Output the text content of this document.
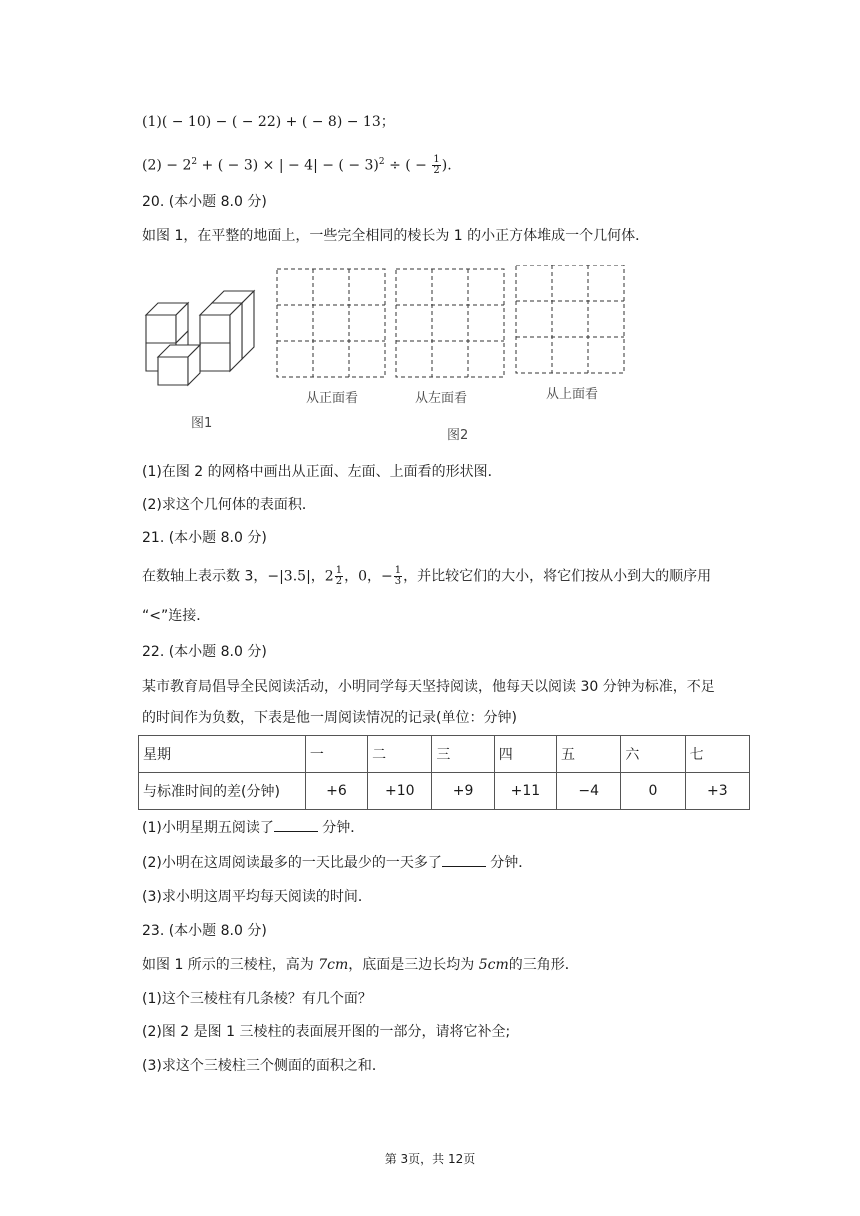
(1)( − 10) − ( − 22) + ( − 8) − 13；
$(2) - 2^2$ + ( − 3) × | − 4| − ( − 3)$^2$ ÷ ( − $\frac{1}{2}$ ).
20. (本小题 8.0 分)
如图 1，在平整的地面上，一些完全相同的棱长为 1 的小正方体堆成一个几何体．
图1
从正面看	从左面看	从上面看
图2
(1)在图 2 的网格中画出从正面、左面、上面看的形状图．
(2)求这个几何体的表面积．
21. (本小题 8.0 分)
在数轴上表示数 3，−|3.5|，$2 \frac{1}{2}$ ，0，− $\frac{1}{3}$ ，并比较它们的大小，将它们按从小到大的顺序用
“<”连接．
22. (本小题 8.0 分)
某市教育局倡导全民阅读活动，小明同学每天坚持阅读，他每天以阅读 30 分钟为标准，不足
的时间作为负数，下表是他一周阅读情况的记录(单位：分钟)
星期	一	二	三	四	五	六	七
与标准时间的差(分钟)	+6	+10	+9	+11	−4	0	+3
(1)小明星期五阅读了	分钟．
(2)小明在这周阅读最多的一天比最少的一天多了	分钟．
(3)求小明这周平均每天阅读的时间．
23. (本小题 8.0 分)
如图 1 所示的三棱柱，高为 7cm，底面是三边长均为 5cm的三角形．
(1)这个三棱柱有几条棱？有几个面？
(2)图 2 是图 1 三棱柱的表面展开图的一部分，请将它补全;
(3)求这个三棱柱三个侧面的面积之和．
第 3页，共 12页
